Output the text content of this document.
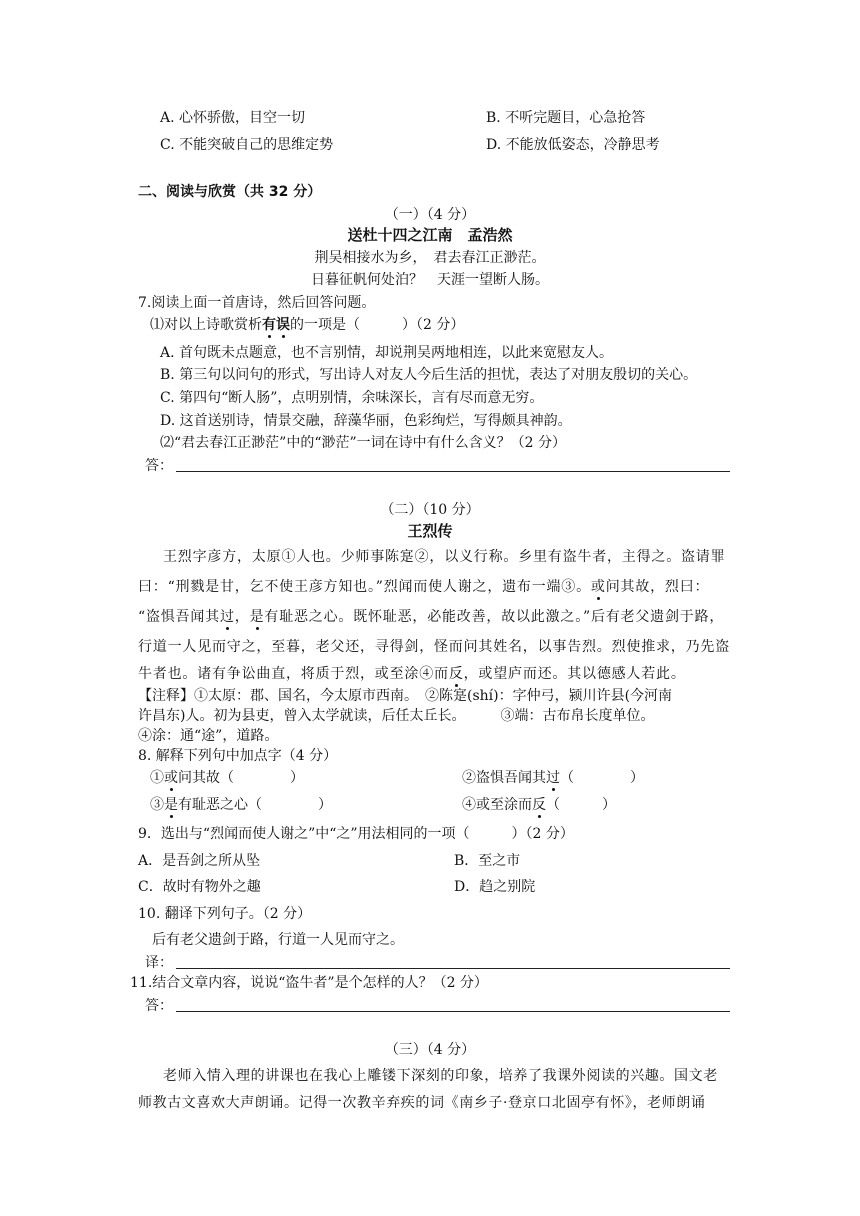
A. 心怀骄傲，目空一切	B. 不听完题目，心急抢答
C. 不能突破自己的思维定势	D. 不能放低姿态，冷静思考
二、阅读与欣赏（共 32 分）
（一）（4 分）
送杜十四之江南　孟浩然
荆吴相接水为乡，　君去春江正渺茫。
日暮征帆何处泊？　天涯一望断人肠。
7.阅读上面一首唐诗，然后回答问题。
⑴对以上诗歌赏析有误的一项是（　　　）（2 分）
A. 首句既未点题意，也不言别情，却说荆吴两地相连，以此来宽慰友人。
B. 第三句以问句的形式，写出诗人对友人今后生活的担忧，表达了对朋友殷切的关心。
C. 第四句“断人肠”，点明别情，余味深长，言有尽而意无穷。
D. 这首送别诗，情景交融，辞藻华丽，色彩绚烂，写得颇具神韵。
⑵“君去春江正渺茫”中的“渺茫”一词在诗中有什么含义？（2 分）
答：
（二）（10 分）
王烈传
王烈字彦方，太原①人也。少师事陈寔②，以义行称。乡里有盗牛者，主得之。盗请罪
曰：“刑戮是甘，乞不使王彦方知也。”烈闻而使人谢之，遗布一端③。或问其故，烈曰：
“盗惧吾闻其过，是有耻恶之心。既怀耻恶，必能改善，故以此激之。”后有老父遗剑于路，
行道一人见而守之，至暮，老父还，寻得剑，怪而问其姓名，以事告烈。烈使推求，乃先盗
牛者也。诸有争讼曲直，将质于烈，或至涂④而反，或望庐而还。其以德感人若此。
【注释】①太原：郡、国名，今太原市西南。　②陈寔(shí)：字仲弓，颍川许县(今河南
许昌东)人。初为县吏，曾入太学就读，后任太丘长。　　　③端：古布帛长度单位。
④涂：通“途”，道路。
8. 解释下列句中加点字（4 分）
①或问其故（　　　　）	②盗惧吾闻其过（　　　　）
③是有耻恶之心（　　　　）	④或至涂而反（　　　）
9．选出与“烈闻而使人谢之”中“之”用法相同的一项（　　　）（2 分）
A．是吾剑之所从坠	B．至之市
C．故时有物外之趣	D．趋之别院
10. 翻译下列句子。（2 分）
后有老父遗剑于路，行道一人见而守之。
译：
11.结合文章内容，说说“盗牛者”是个怎样的人？（2 分）
答：
（三）（4 分）
老师入情入理的讲课也在我心上雕镂下深刻的印象，培养了我课外阅读的兴趣。国文老
师教古文喜欢大声朗诵。记得一次教辛弃疾的词《南乡子·登京口北固亭有怀》，老师朗诵
